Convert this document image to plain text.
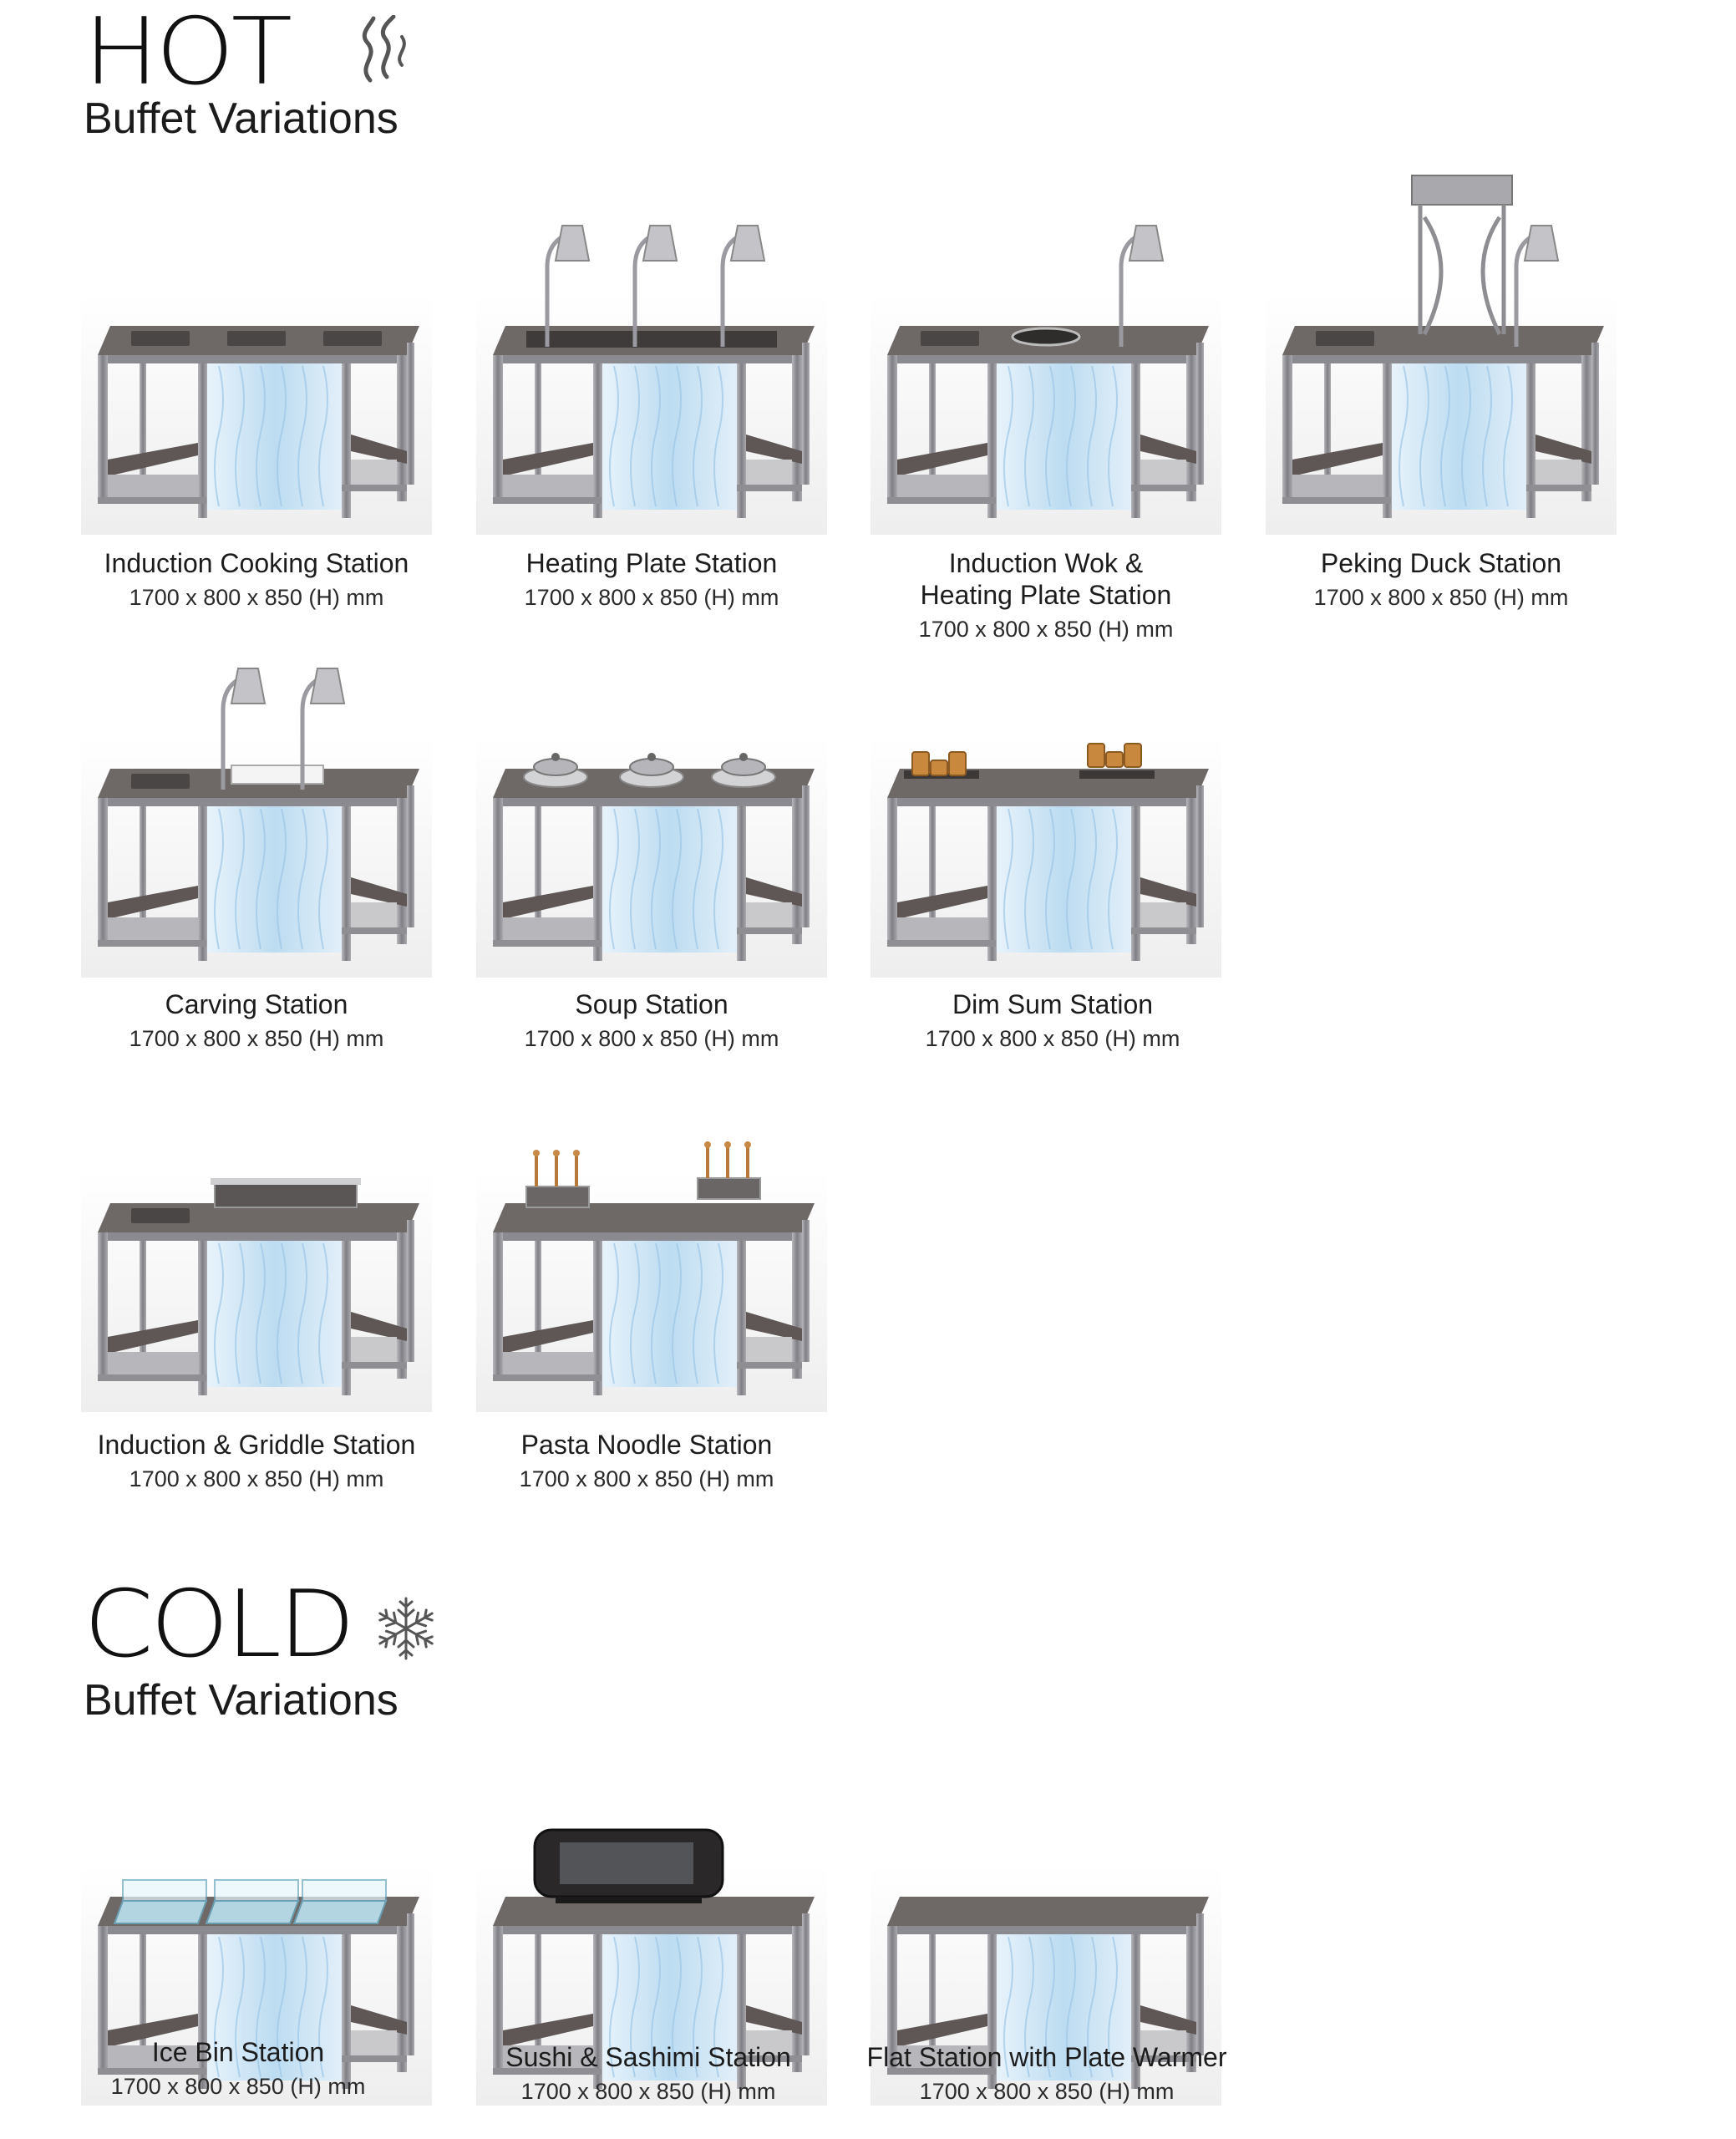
HOT
Buffet Variations
COLD
Buffet Variations
Induction Cooking Station
1700 x 800 x 850 (H) mm
Heating Plate Station
1700 x 800 x 850 (H) mm
Induction Wok &
Heating Plate Station
1700 x 800 x 850 (H) mm
Peking Duck Station
1700 x 800 x 850 (H) mm
Carving Station
1700 x 800 x 850 (H) mm
Soup Station
1700 x 800 x 850 (H) mm
Dim Sum Station
1700 x 800 x 850 (H) mm
Induction & Griddle Station
1700 x 800 x 850 (H) mm
Pasta Noodle Station
1700 x 800 x 850 (H) mm
Ice Bin Station
1700 x 800 x 850 (H) mm
Sushi & Sashimi Station
1700 x 800 x 850 (H) mm
Flat Station with Plate Warmer
1700 x 800 x 850 (H) mm
